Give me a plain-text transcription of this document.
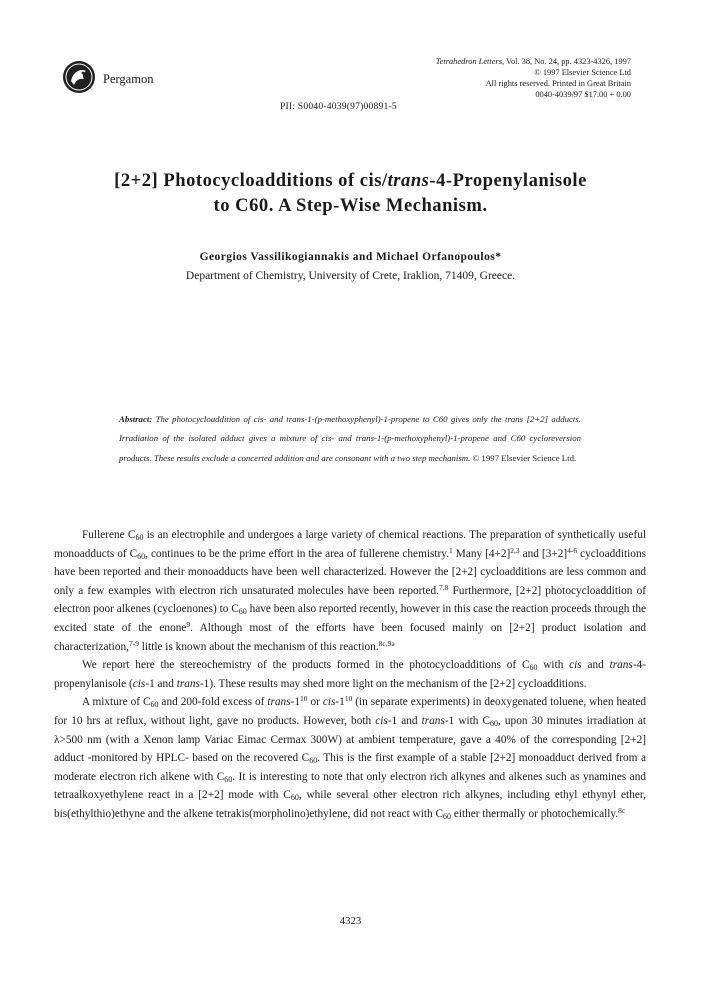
Pergamon
Tetrahedron Letters, Vol. 38, No. 24, pp. 4323-4326, 1997
© 1997 Elsevier Science Ltd
All rights reserved. Printed in Great Britain
0040-4039/97 $17.00 + 0.00
PII: S0040-4039(97)00891-5
[2+2] Photocycloadditions of cis/trans-4-Propenylanisole
to C60. A Step-Wise Mechanism.
Georgios Vassilikogiannakis and Michael Orfanopoulos*
Department of Chemistry, University of Crete, Iraklion, 71409, Greece.
Abstract: The photocycloaddition of cis- and trans-1-(p-methoxyphenyl)-1-propene to C60 gives only the trans [2+2] adducts. Irradiation of the isolated adduct gives a mixture of cis- and trans-1-(p-methoxyphenyl)-1-propene and C60 cycloreversion products. These results exclude a concerted addition and are consonant with a two step mechanism. © 1997 Elsevier Science Ltd.

Fullerene $C_{60}$ is an electrophile and undergoes a large variety of chemical reactions. The preparation of synthetically useful monoadducts of $C_{60}$, continues to be the prime effort in the area of fullerene chemistry.$^1$ Many $[4+2]^{2,3}$ and $[3+2]^{4-6}$ cycloadditions have been reported and their monoadducts have been well characterized. However the [2+2] cycloadditions are less common and only a few examples with electron rich unsaturated molecules have been reported.$^{7,8}$ Furthermore, [2+2] photocycloaddition of electron poor alkenes (cycloenones) to $C_{60}$ have been also reported recently, however in this case the reaction proceeds through the excited state of the enone$^9$. Although most of the efforts have been focused mainly on [2+2] product isolation and characterization,$^{7-9}$ little is known about the mechanism of this reaction.$^{8c,9a}$

We report here the stereochemistry of the products formed in the photocycloadditions of $C_{60}$ with cis and trans-4-propenylanisole (cis-1 and trans-1). These results may shed more light on the mechanism of the [2+2] cycloadditions.

A mixture of $C_{60}$ and 200-fold excess of trans-$1^{10}$ or cis-$1^{10}$ (in separate experiments) in deoxygenated toluene, when heated for 10 hrs at reflux, without light, gave no products. However, both cis-1 and trans-1 with $C_{60}$, upon 30 minutes irradiation at λ>500 nm (with a Xenon lamp Variac Eimac Cermax 300W) at ambient temperature, gave a 40% of the corresponding [2+2] adduct -monitored by HPLC- based on the recovered $C_{60}$. This is the first example of a stable [2+2] monoadduct derived from a moderate electron rich alkene with $C_{60}$. It is interesting to note that only electron rich alkynes and alkenes such as ynamines and tetraalkoxyethylene react in a [2+2] mode with $C_{60}$, while several other electron rich alkynes, including ethyl ethynyl ether, bis(ethylthio)ethyne and the alkene tetrakis(morpholino)ethylene, did not react with $C_{60}$ either thermally or photochemically.$^{8c}$

4323
